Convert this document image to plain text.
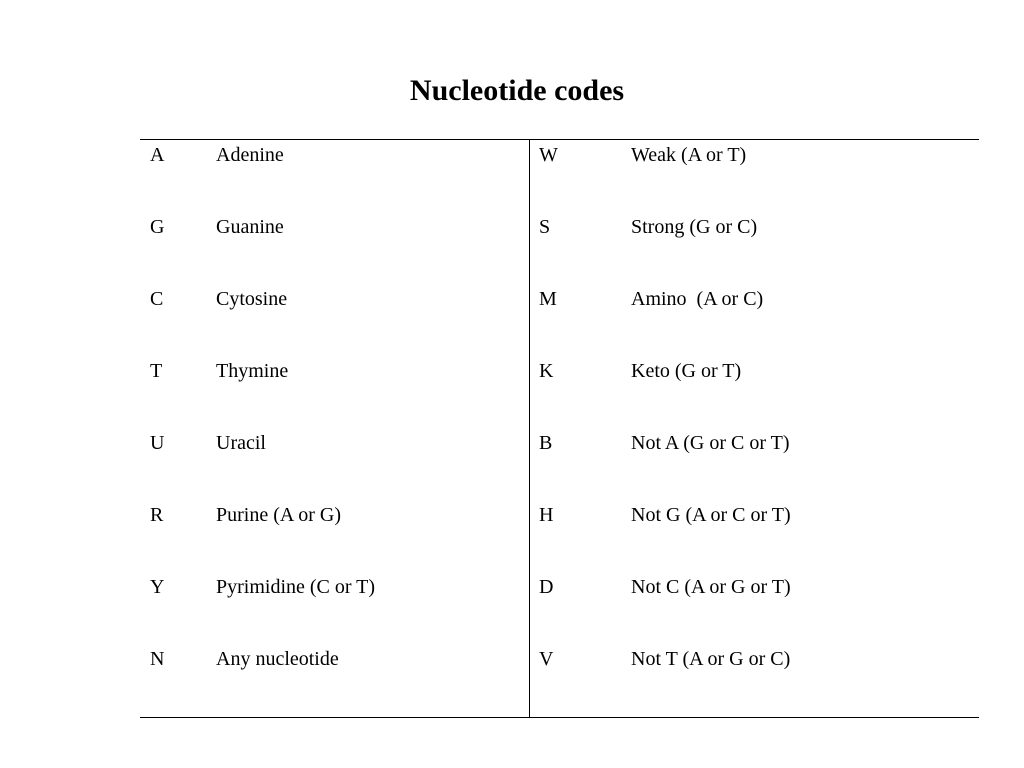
Nucleotide codes
A	Adenine
G	Guanine
C	Cytosine
T	Thymine
U	Uracil
R	Purine (A or G)
Y	Pyrimidine (C or T)
N	Any nucleotide
W	Weak (A or T)
S	Strong (G or C)
M	Amino  (A or C)
K	Keto (G or T)
B	Not A (G or C or T)
H	Not G (A or C or T)
D	Not C (A or G or T)
V	Not T (A or G or C)
